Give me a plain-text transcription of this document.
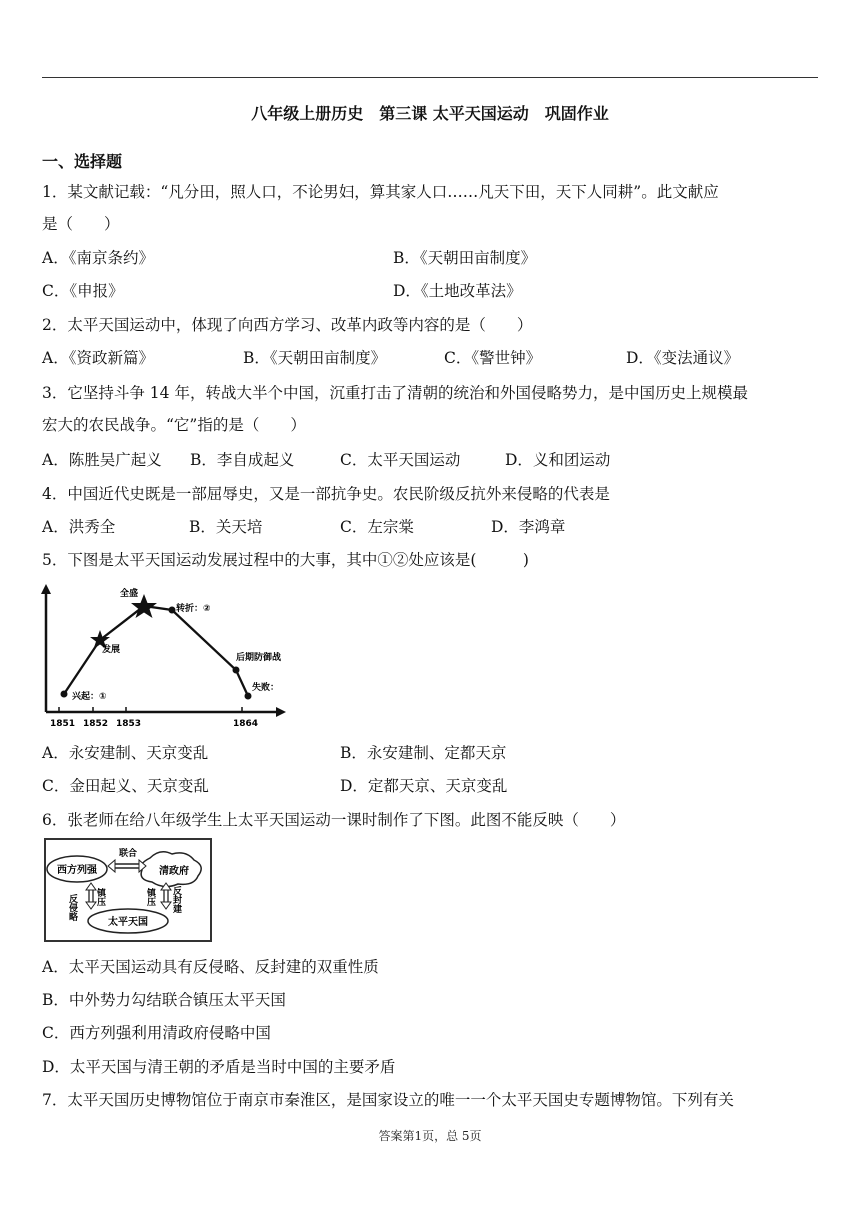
八年级上册历史　第三课 太平天国运动　巩固作业
一、选择题
1．某文献记载：“凡分田，照人口，不论男妇，算其家人口……凡天下田，天下人同耕”。此文献应
是（　　）
A．《南京条约》	B．《天朝田亩制度》
C．《申报》	D．《土地改革法》
2．太平天国运动中，体现了向西方学习、改革内政等内容的是（　　）
A．《资政新篇》	B．《天朝田亩制度》	C．《警世钟》	D．《变法通议》
3．它坚持斗争 14 年，转战大半个中国，沉重打击了清朝的统治和外国侵略势力，是中国历史上规模最
宏大的农民战争。“它”指的是（　　）
A．陈胜吴广起义 B．李自成起义	C．太平天国运动	D．义和团运动
4．中国近代史既是一部屈辱史，又是一部抗争史。农民阶级反抗外来侵略的代表是
A．洪秀全	B．关天培	C．左宗棠	D．李鸿章
5．下图是太平天国运动发展过程中的大事，其中①②处应该是(　　　)
1851 1852 1853	1864
兴起：①
发展
全盛
转折：②
后期防御战
失败：
A．永安建制、天京变乱	B．永安建制、定都天京
C．金田起义、天京变乱	D．定都天京、天京变乱
6．张老师在给八年级学生上太平天国运动一课时制作了下图。此图不能反映（　　）
西方列强	清政府
太平天国
联合
反侵略 镇压	镇压 反封建
A．太平天国运动具有反侵略、反封建的双重性质
B．中外势力勾结联合镇压太平天国
C．西方列强利用清政府侵略中国
D．太平天国与清王朝的矛盾是当时中国的主要矛盾
7．太平天国历史博物馆位于南京市秦淮区，是国家设立的唯一一个太平天国史专题博物馆。下列有关
答案第1页，总 5页
